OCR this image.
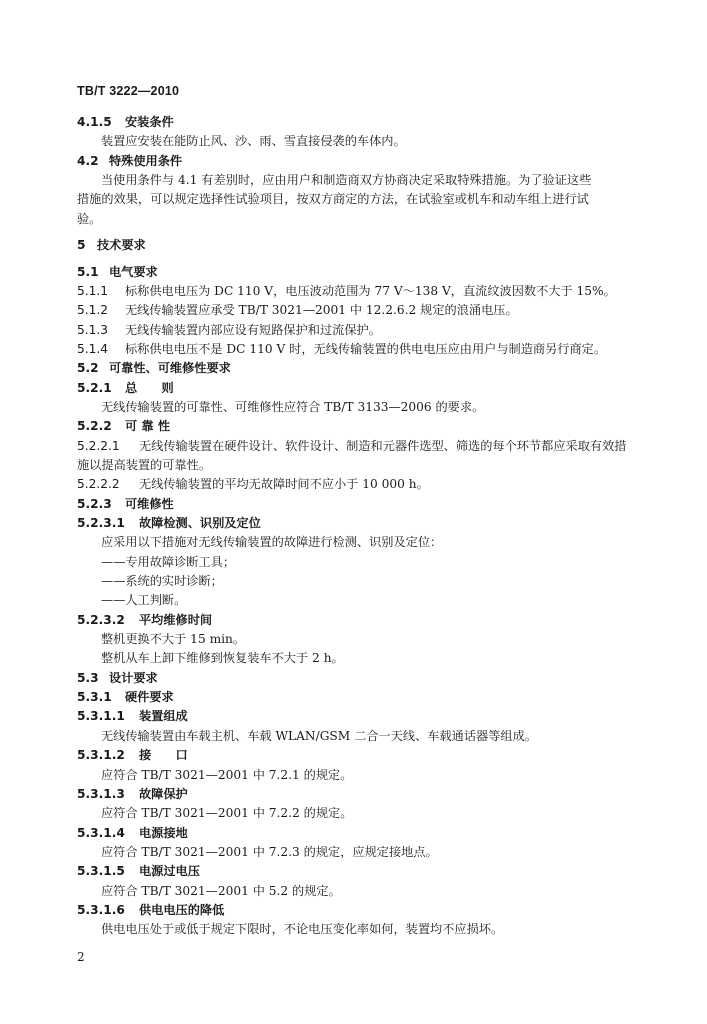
TB/T 3222—2010
4.1.5 安装条件
装置应安装在能防止风、沙、雨、雪直接侵袭的车体内。
4.2 特殊使用条件
当使用条件与 4.1 有差别时，应由用户和制造商双方协商决定采取特殊措施。为了验证这些
措施的效果，可以规定选择性试验项目，按双方商定的方法，在试验室或机车和动车组上进行试
验。
5 技术要求
5.1 电气要求
5.1.1 标称供电电压为 DC 110 V，电压波动范围为 77 V～138 V，直流纹波因数不大于 15%。
5.1.2 无线传输装置应承受 TB/T 3021—2001 中 12.2.6.2 规定的浪涌电压。
5.1.3 无线传输装置内部应设有短路保护和过流保护。
5.1.4 标称供电电压不是 DC 110 V 时，无线传输装置的供电电压应由用户与制造商另行商定。
5.2 可靠性、可维修性要求
5.2.1 总　　则
无线传输装置的可靠性、可维修性应符合 TB/T 3133—2006 的要求。
5.2.2 可 靠 性
5.2.2.1 无线传输装置在硬件设计、软件设计、制造和元器件选型、筛选的每个环节都应采取有效措
施以提高装置的可靠性。
5.2.2.2 无线传输装置的平均无故障时间不应小于 10 000 h。
5.2.3 可维修性
5.2.3.1 故障检测、识别及定位
应采用以下措施对无线传输装置的故障进行检测、识别及定位：
——专用故障诊断工具；
——系统的实时诊断；
——人工判断。
5.2.3.2 平均维修时间
整机更换不大于 15 min。
整机从车上卸下维修到恢复装车不大于 2 h。
5.3 设计要求
5.3.1 硬件要求
5.3.1.1 装置组成
无线传输装置由车载主机、车载 WLAN/GSM 二合一天线、车载通话器等组成。
5.3.1.2 接　　口
应符合 TB/T 3021—2001 中 7.2.1 的规定。
5.3.1.3 故障保护
应符合 TB/T 3021—2001 中 7.2.2 的规定。
5.3.1.4 电源接地
应符合 TB/T 3021—2001 中 7.2.3 的规定，应规定接地点。
5.3.1.5 电源过电压
应符合 TB/T 3021—2001 中 5.2 的规定。
5.3.1.6 供电电压的降低
供电电压处于或低于规定下限时，不论电压变化率如何，装置均不应损坏。
2
